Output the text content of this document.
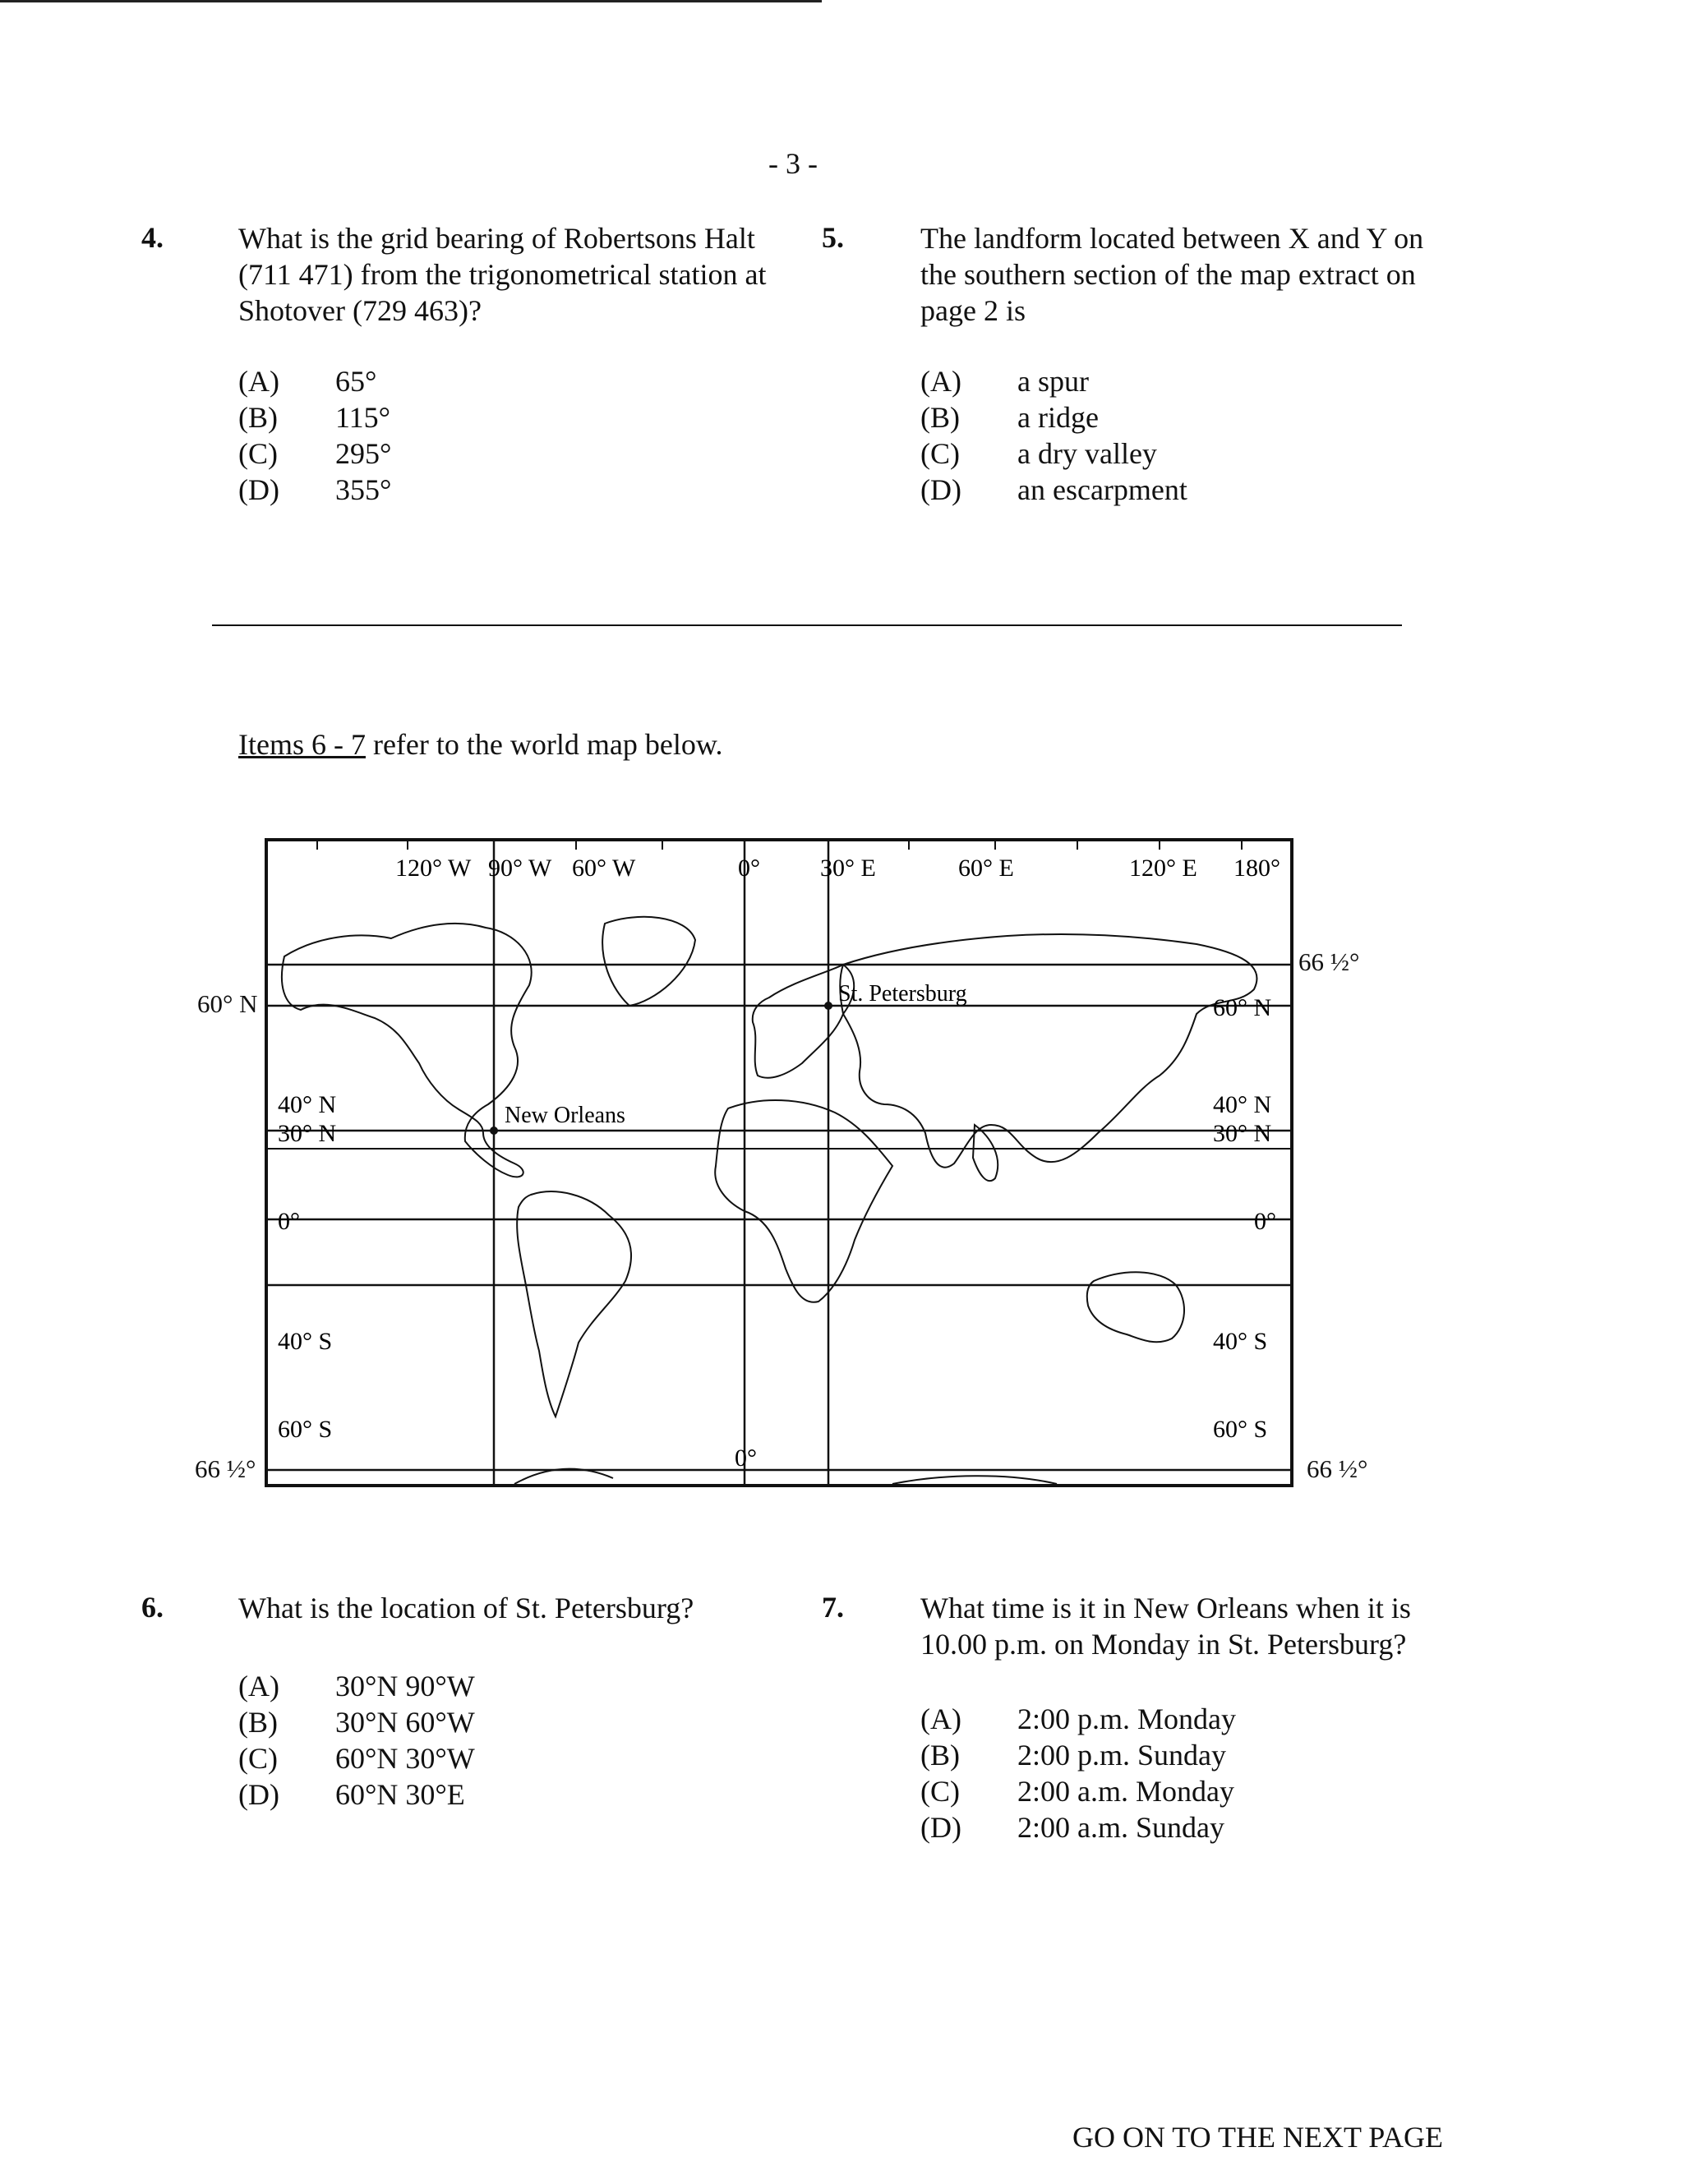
- 3 -
4.	What is the grid bearing of Robertsons Halt
(711 471) from the trigonometrical station at
Shotover (729 463)?
(A)	65°
(B)	115°
(C)	295°
(D)	355°
5.	The landform located between X and Y on
the southern section of the map extract on
page 2 is
(A)	a spur
(B)	a ridge
(C)	a dry valley
(D)	an escarpment
Items 6 - 7 refer to the world map below.
120° W 90° W 60° W	0° 30° E	60° E	120° E 180°
40° N
30° N
0°
40° S
60° S
60° N
40° N
30° N
0°
40° S
60° S
0°
St. Petersburg
New Orleans
60° N
66 ½°
66 ½°
66 ½°
6.	What is the location of St. Petersburg?
(A)	30°N 90°W
(B)	30°N 60°W
(C)	60°N 30°W
(D)	60°N 30°E
7.	What time is it in New Orleans when it is
10.00 p.m. on Monday in St. Petersburg?
(A)	2:00 p.m. Monday
(B)	2:00 p.m. Sunday
(C)	2:00 a.m. Monday
(D)	2:00 a.m. Sunday
GO ON TO THE NEXT PAGE
